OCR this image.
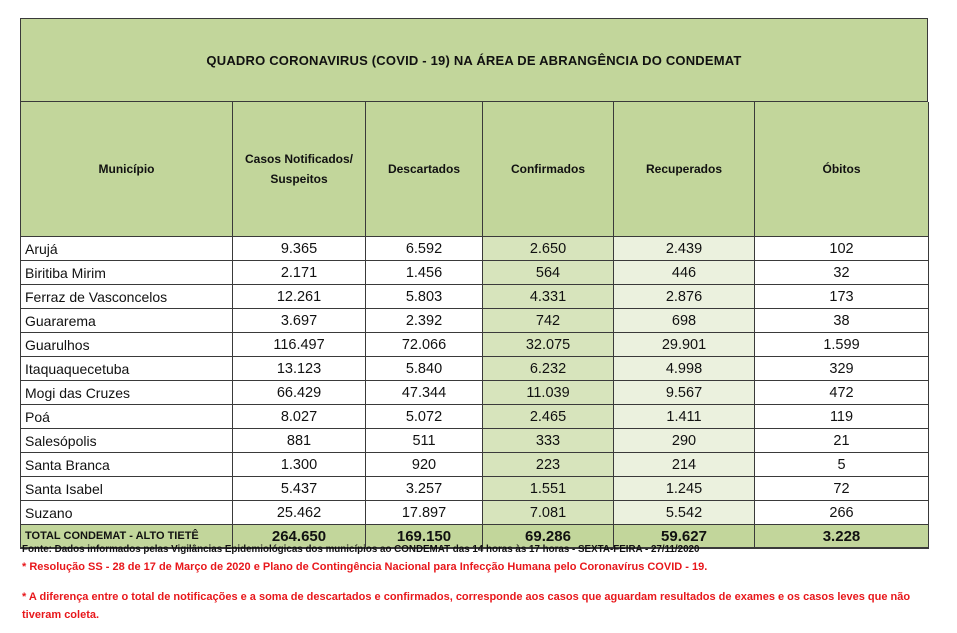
QUADRO CORONAVIRUS (COVID - 19) NA ÁREA DE ABRANGÊNCIA DO CONDEMAT
Município	Casos Notificados/ Suspeitos	Descartados	Confirmados	Recuperados	Óbitos
Arujá	9.365	6.592	2.650	2.439	102
Biritiba Mirim	2.171	1.456	564	446	32
Ferraz de Vasconcelos	12.261	5.803	4.331	2.876	173
Guararema	3.697	2.392	742	698	38
Guarulhos	116.497	72.066	32.075	29.901	1.599
Itaquaquecetuba	13.123	5.840	6.232	4.998	329
Mogi das Cruzes	66.429	47.344	11.039	9.567	472
Poá	8.027	5.072	2.465	1.411	119
Salesópolis	881	511	333	290	21
Santa Branca	1.300	920	223	214	5
Santa Isabel	5.437	3.257	1.551	1.245	72
Suzano	25.462	17.897	7.081	5.542	266
TOTAL CONDEMAT - ALTO TIETÊ	264.650	169.150	69.286	59.627	3.228

Fonte: Dados informados pelas Vigilâncias Epidemiológicas dos municípios ao CONDEMAT das 14 horas às 17 horas - SEXTA-FEIRA - 27/11/2020

* Resolução SS - 28 de 17 de Março de 2020 e Plano de Contingência Nacional para Infecção Humana pelo Coronavírus COVID - 19.

* A diferença entre o total de notificações e a soma de descartados e confirmados, corresponde aos casos que aguardam resultados de exames e os casos leves que não tiveram coleta.
